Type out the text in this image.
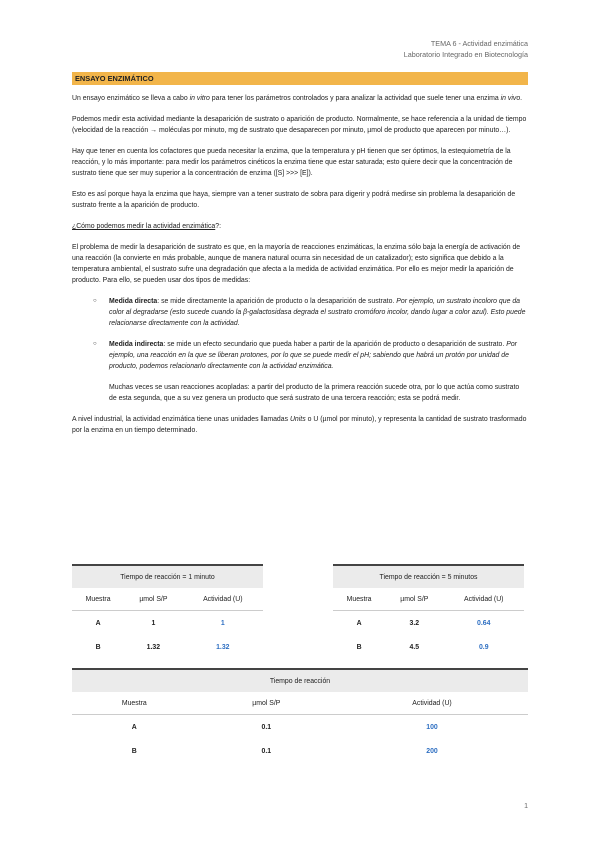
TEMA 6 - Actividad enzimática
Laboratorio Integrado en Biotecnología
ENSAYO ENZIMÁTICO

Un ensayo enzimático se lleva a cabo in vitro para tener los parámetros controlados y para analizar la actividad que suele tener una enzima in vivo.

Podemos medir esta actividad mediante la desaparición de sustrato o aparición de producto. Normalmente, se hace referencia a la unidad de tiempo (velocidad de la reacción → moléculas por minuto, mg de sustrato que desaparecen por minuto, µmol de producto que aparecen por minuto…).

Hay que tener en cuenta los cofactores que pueda necesitar la enzima, que la temperatura y pH tienen que ser óptimos, la estequiometría de la reacción, y lo más importante: para medir los parámetros cinéticos la enzima tiene que estar saturada; esto quiere decir que la concentración de sustrato tiene que ser muy superior a la concentración de enzima ([S] >>> [E]).

Esto es así porque haya la enzima que haya, siempre van a tener sustrato de sobra para digerir y podrá medirse sin problema la desaparición de sustrato frente a la aparición de producto.

¿Cómo podemos medir la actividad enzimática?:

El problema de medir la desaparición de sustrato es que, en la mayoría de reacciones enzimáticas, la enzima sólo baja la energía de activación de una reacción (la convierte en más probable, aunque de manera natural ocurra sin necesidad de un catalizador); esto significa que debido a la temperatura ambiental, el sustrato sufre una degradación que afecta a la medida de actividad enzimática. Por ello es mejor medir la aparición de producto. Para ello, se pueden usar dos tipos de medidas:

○ Medida directa: se mide directamente la aparición de producto o la desaparición de sustrato. Por ejemplo, un sustrato incoloro que da color al degradarse (esto sucede cuando la β-galactosidasa degrada el sustrato cromóforo incolor, dando lugar a color azul). Esto puede relacionarse directamente con la actividad.
○ Medida indirecta: se mide un efecto secundario que pueda haber a partir de la aparición de producto o desaparición de sustrato. Por ejemplo, una reacción en la que se liberan protones, por lo que se puede medir el pH; sabiendo que habrá un protón por unidad de producto, podemos relacionarlo directamente con la actividad enzimática.

Muchas veces se usan reacciones acopladas: a partir del producto de la primera reacción sucede otra, por lo que actúa como sustrato de esta segunda, que a su vez genera un producto que será sustrato de una tercera reacción; esta se podrá medir.

A nivel industrial, la actividad enzimática tiene unas unidades llamadas Units o U (µmol por minuto), y representa la cantidad de sustrato trasformado por la enzima en un tiempo determinado.

Tiempo de reacción = 1 minuto		
Muestra	µmol S/P	Actividad (U)
A	1	1
B	1.32	1.32
Tiempo de reacción = 5 minutos		
Muestra	µmol S/P	Actividad (U)
A	3.2	0.64
B	4.5	0.9
Tiempo de reacción		
Muestra	µmol S/P	Actividad (U)
A	0.1	100
B	0.1	200
1
